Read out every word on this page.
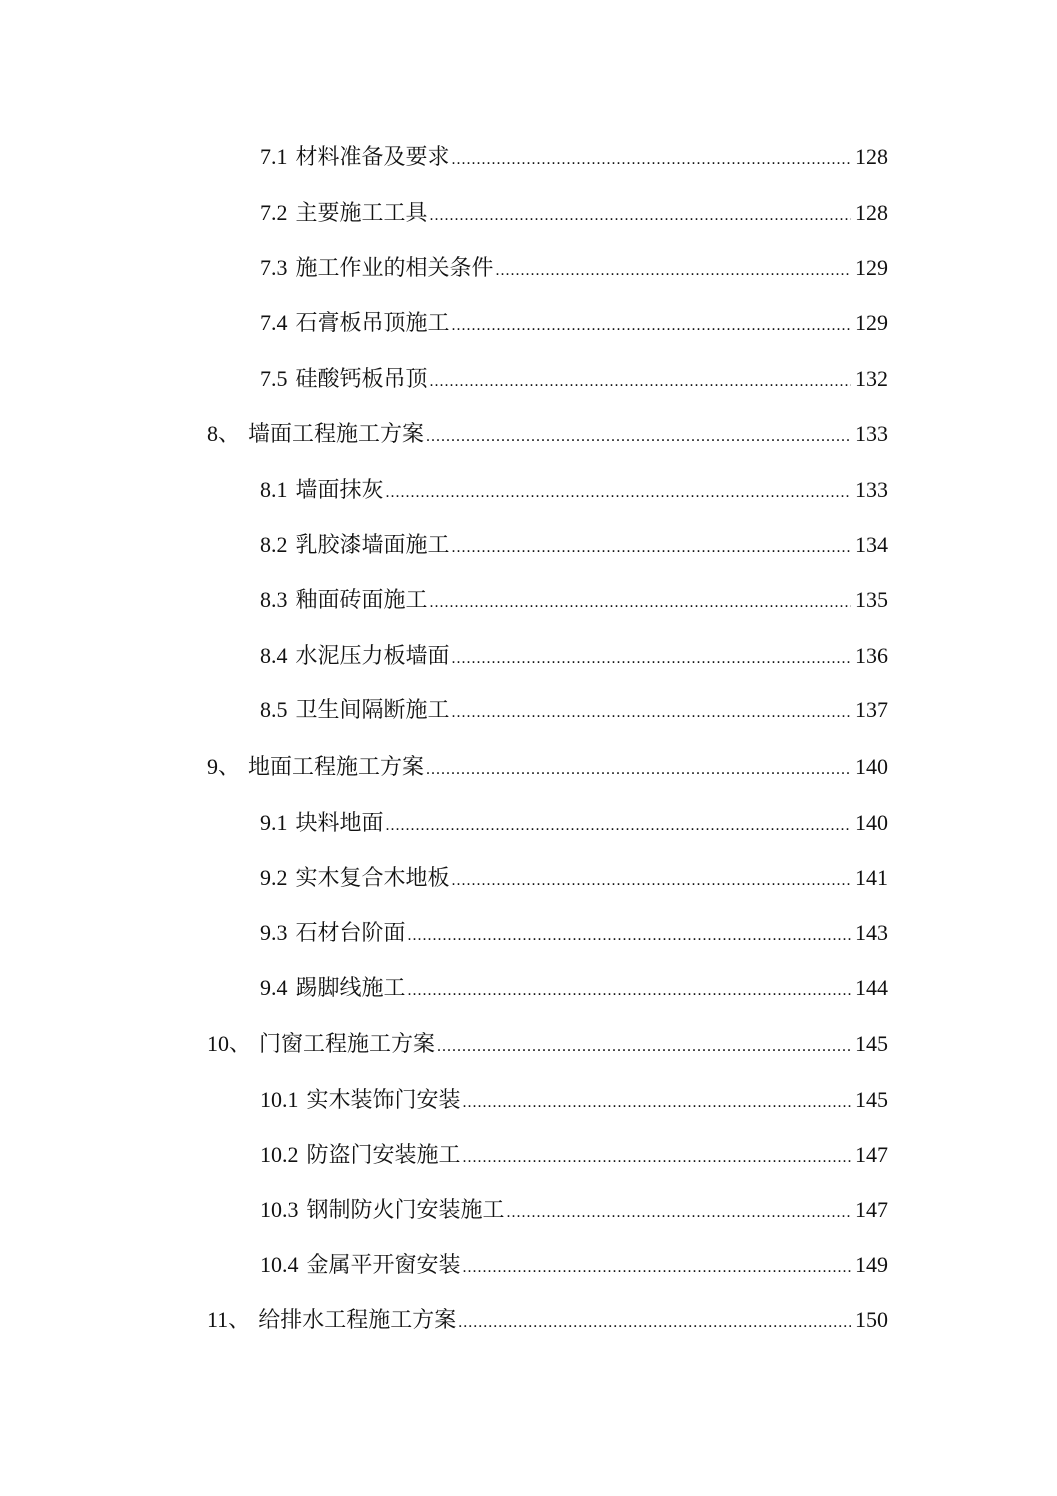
7.1 材料准备及要求 .....	128
7.2 主要施工工具 .....	128
7.3 施工作业的相关条件 .....	129
7.4 石膏板吊顶施工 .....	129
7.5 硅酸钙板吊顶 .....	132
8、 墙面工程施工方案 .....	133
8.1 墙面抹灰 .....	133
8.2 乳胶漆墙面施工 .....	134
8.3 釉面砖面施工 .....	135
8.4 水泥压力板墙面 .....	136
8.5 卫生间隔断施工 .....	137
9、 地面工程施工方案 .....	140
9.1 块料地面 .....	140
9.2 实木复合木地板 .....	141
9.3 石材台阶面 .....	143
9.4 踢脚线施工 .....	144
10、 门窗工程施工方案 .....	145
10.1 实木装饰门安装 .....	145
10.2 防盗门安装施工 .....	147
10.3 钢制防火门安装施工 .....	147
10.4 金属平开窗安装 .....	149
11、 给排水工程施工方案 .....	150
